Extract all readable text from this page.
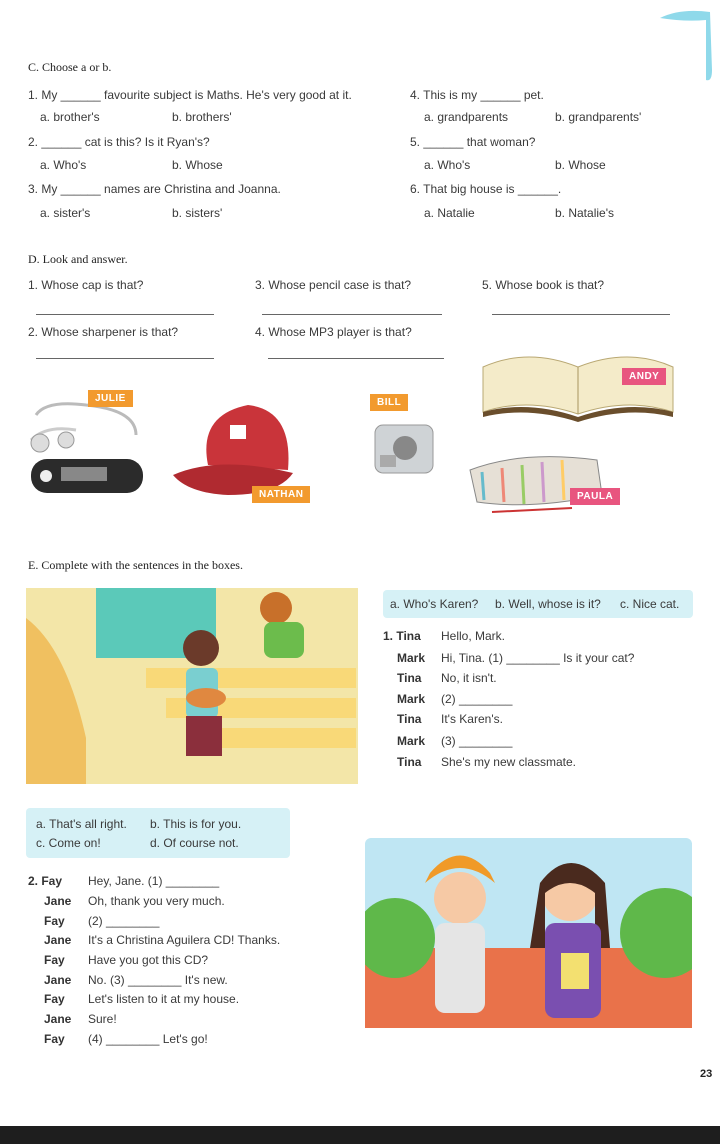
C. Choose a or b.
1. My ______ favourite subject is Maths. He's very good at it.
a. brother's	b. brothers'
2. ______ cat is this? Is it Ryan's?
a. Who's	b. Whose
3. My ______ names are Christina and Joanna.
a. sister's	b. sisters'
4. This is my ______ pet.
a. grandparents	b. grandparents'
5. ______ that woman?
a. Who's	b. Whose
6. That big house is ______.
a. Natalie	b. Natalie's
D. Look and answer.
1. Whose cap is that?	3. Whose pencil case is that?	5. Whose book is that?
2. Whose sharpener is that?	4. Whose MP3 player is that?
JULIE	BILL
ANDY
NATHAN	PAULA
E. Complete with the sentences in the boxes.
a. Who's Karen? b. Well, whose is it? c. Nice cat.
1. Tina Hello, Mark.
Mark Hi, Tina. (1) ________ Is it your cat?
Tina No, it isn't.
Mark (2) ________
Tina It's Karen's.
Mark (3) ________
Tina She's my new classmate.
a. That's all right. b. This is for you.
c. Come on!	d. Of course not.
2. Fay Hey, Jane. (1) ________
Jane Oh, thank you very much.
Fay (2) ________
Jane It's a Christina Aguilera CD! Thanks.
Fay Have you got this CD?
Jane No. (3) ________ It's new.
Fay Let's listen to it at my house.
Jane Sure!
Fay (4) ________ Let's go!
23
